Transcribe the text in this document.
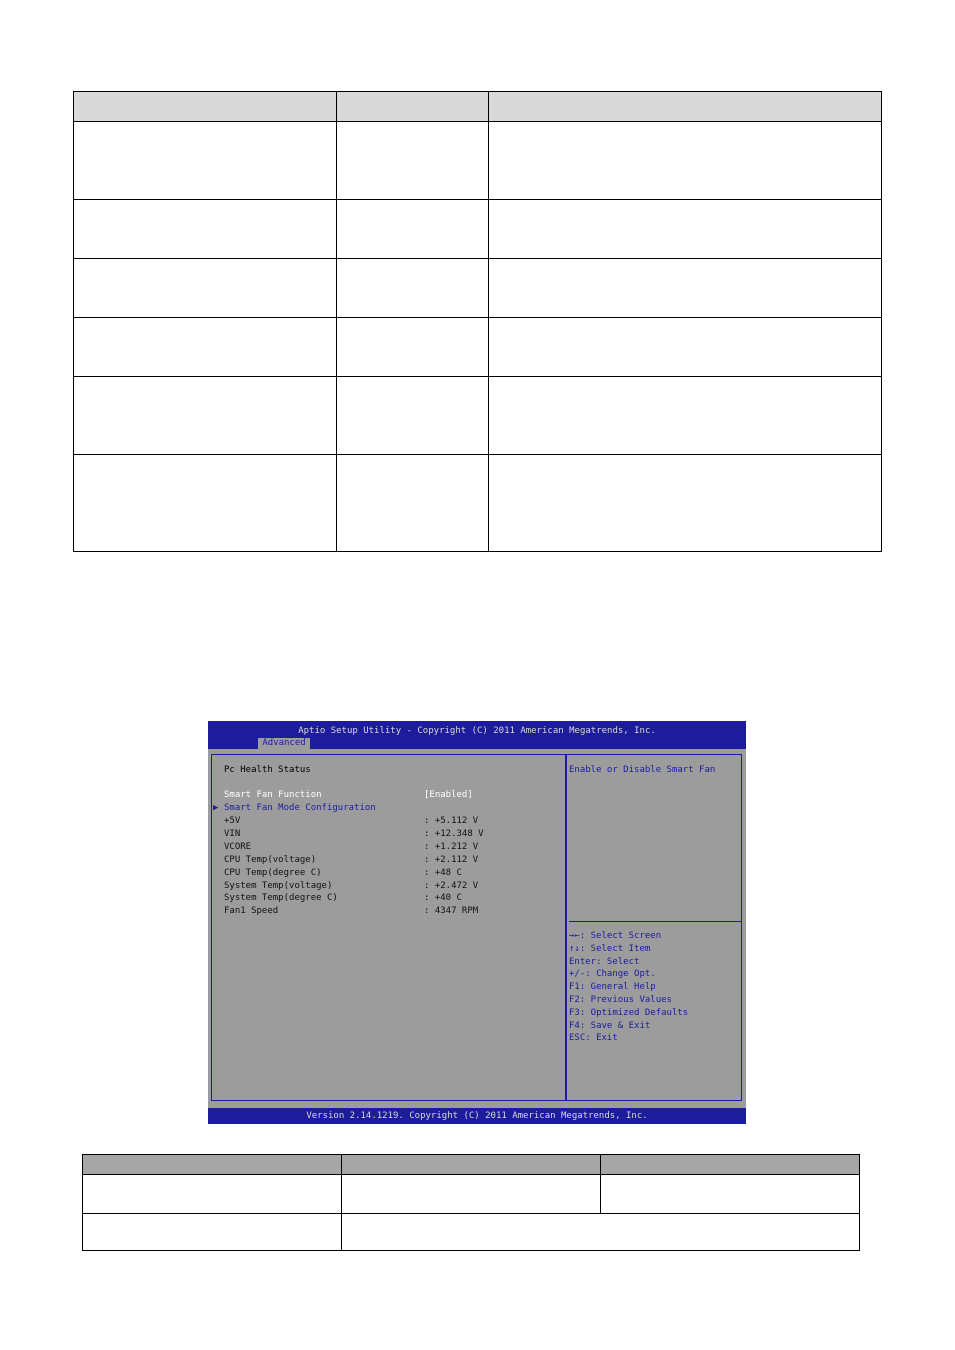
Aptio Setup Utility - Copyright (C) 2011 American Megatrends, Inc.
Advanced
Pc Health Status
Smart Fan Function	[Enabled]
▶ Smart Fan Mode Configuration
+5V	: +5.112 V
VIN	: +12.348 V
VCORE	: +1.212 V
CPU Temp(voltage)	: +2.112 V
CPU Temp(degree C)	: +48 C
System Temp(voltage)	: +2.472 V
System Temp(degree C)	: +40 C
Fan1 Speed	: 4347 RPM
Enable or Disable Smart Fan
→←: Select Screen
↑↓: Select Item
Enter: Select
+/-: Change Opt.
F1: General Help
F2: Previous Values
F3: Optimized Defaults
F4: Save & Exit
ESC: Exit
Version 2.14.1219. Copyright (C) 2011 American Megatrends, Inc.
